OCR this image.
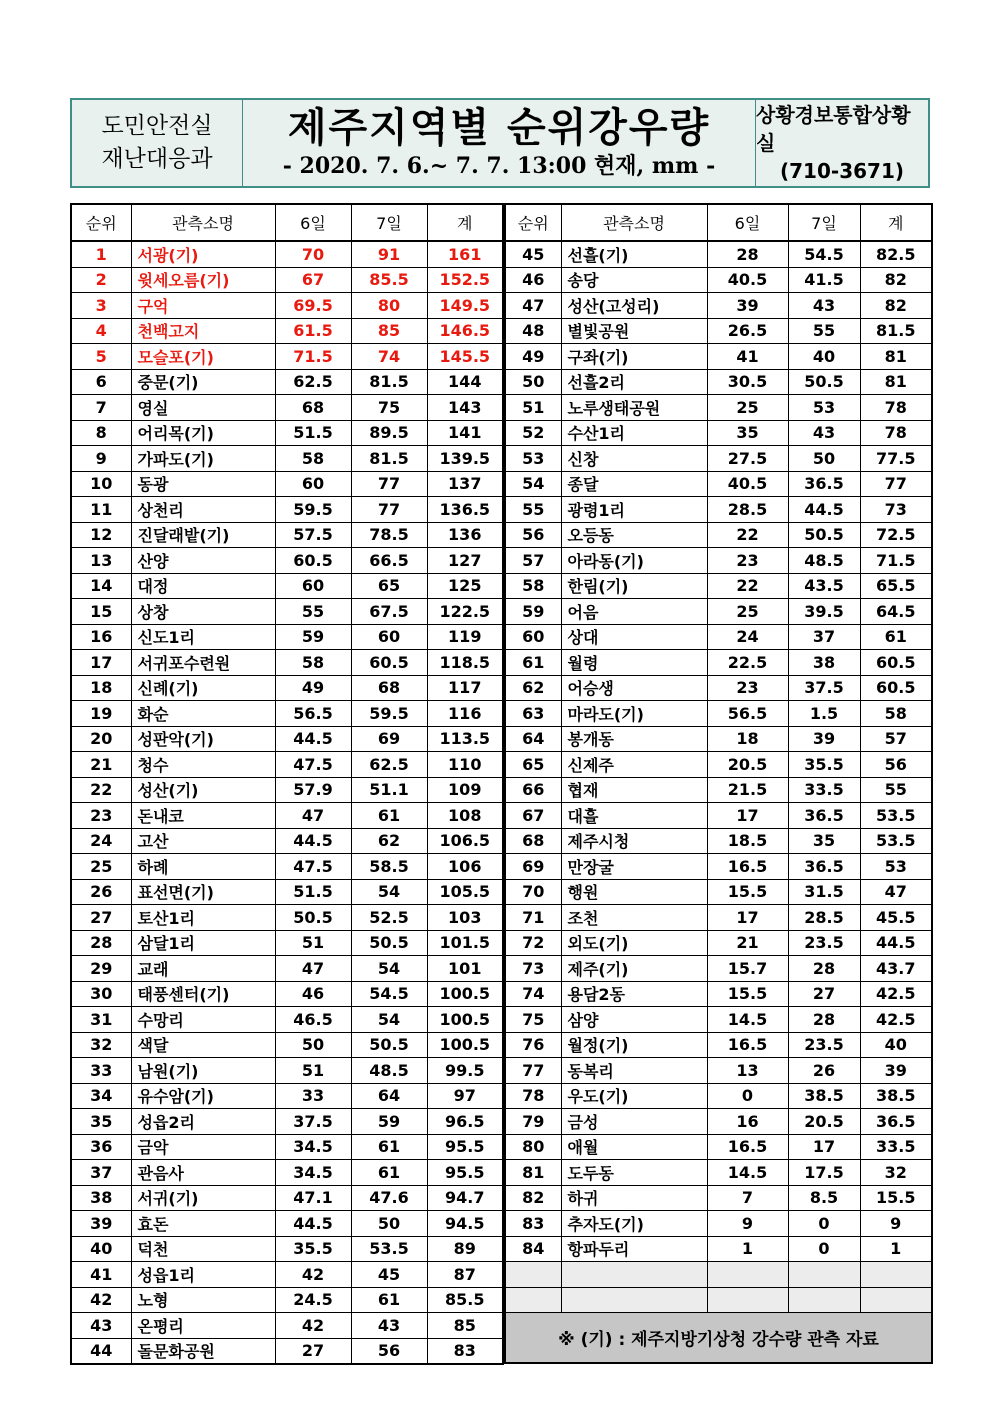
도민안전실
재난대응과
제주지역별 순위강우량
- 2020. 7. 6.~ 7. 7. 13:00 현재, mm -
상황경보통합상황실
(710-3671)
순위	관측소명	6일	7일	계
1	서광(기)	70	91	161
2	윗세오름(기)	67	85.5	152.5
3	구억	69.5	80	149.5
4	천백고지	61.5	85	146.5
5	모슬포(기)	71.5	74	145.5
6	중문(기)	62.5	81.5	144
7	영실	68	75	143
8	어리목(기)	51.5	89.5	141
9	가파도(기)	58	81.5	139.5
10	동광	60	77	137
11	상천리	59.5	77	136.5
12	진달래밭(기)	57.5	78.5	136
13	산양	60.5	66.5	127
14	대정	60	65	125
15	상창	55	67.5	122.5
16	신도1리	59	60	119
17	서귀포수련원	58	60.5	118.5
18	신례(기)	49	68	117
19	화순	56.5	59.5	116
20	성판악(기)	44.5	69	113.5
21	청수	47.5	62.5	110
22	성산(기)	57.9	51.1	109
23	돈내코	47	61	108
24	고산	44.5	62	106.5
25	하례	47.5	58.5	106
26	표선면(기)	51.5	54	105.5
27	토산1리	50.5	52.5	103
28	삼달1리	51	50.5	101.5
29	교래	47	54	101
30	태풍센터(기)	46	54.5	100.5
31	수망리	46.5	54	100.5
32	색달	50	50.5	100.5
33	남원(기)	51	48.5	99.5
34	유수암(기)	33	64	97
35	성읍2리	37.5	59	96.5
36	금악	34.5	61	95.5
37	관음사	34.5	61	95.5
38	서귀(기)	47.1	47.6	94.7
39	효돈	44.5	50	94.5
40	덕천	35.5	53.5	89
41	성읍1리	42	45	87
42	노형	24.5	61	85.5
43	온평리	42	43	85
44	돌문화공원	27	56	83
순위	관측소명	6일	7일	계
45	선흘(기)	28	54.5	82.5
46	송당	40.5	41.5	82
47	성산(고성리)	39	43	82
48	별빛공원	26.5	55	81.5
49	구좌(기)	41	40	81
50	선흘2리	30.5	50.5	81
51	노루생태공원	25	53	78
52	수산1리	35	43	78
53	신창	27.5	50	77.5
54	종달	40.5	36.5	77
55	광령1리	28.5	44.5	73
56	오등동	22	50.5	72.5
57	아라동(기)	23	48.5	71.5
58	한림(기)	22	43.5	65.5
59	어음	25	39.5	64.5
60	상대	24	37	61
61	월령	22.5	38	60.5
62	어승생	23	37.5	60.5
63	마라도(기)	56.5	1.5	58
64	봉개동	18	39	57
65	신제주	20.5	35.5	56
66	협재	21.5	33.5	55
67	대흘	17	36.5	53.5
68	제주시청	18.5	35	53.5
69	만장굴	16.5	36.5	53
70	행원	15.5	31.5	47
71	조천	17	28.5	45.5
72	외도(기)	21	23.5	44.5
73	제주(기)	15.7	28	43.7
74	용담2동	15.5	27	42.5
75	삼양	14.5	28	42.5
76	월정(기)	16.5	23.5	40
77	동복리	13	26	39
78	우도(기)	0	38.5	38.5
79	금성	16	20.5	36.5
80	애월	16.5	17	33.5
81	도두동	14.5	17.5	32
82	하귀	7	8.5	15.5
83	추자도(기)	9	0	9
84	항파두리	1	0	1

※ (기) : 제주지방기상청 강수량 관측 자료				
